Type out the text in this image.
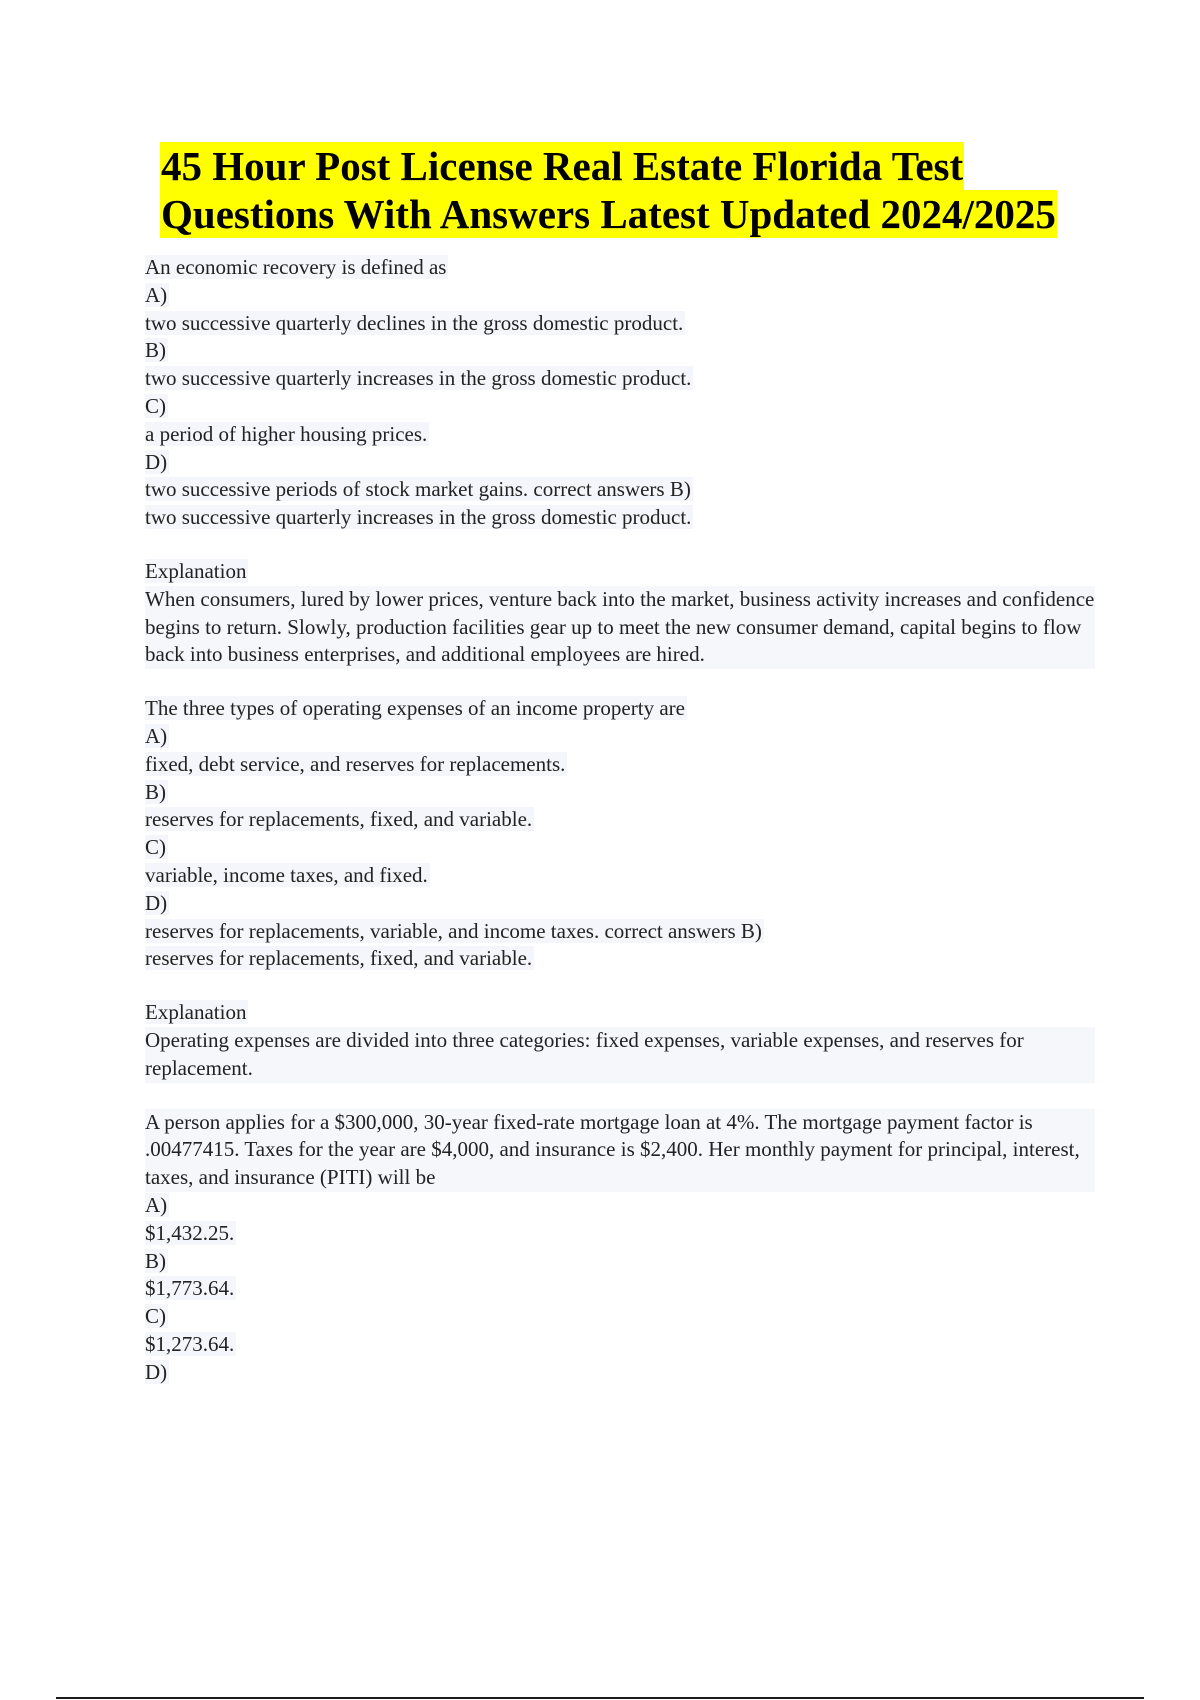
45 Hour Post License Real Estate Florida Test
Questions With Answers Latest Updated 2024/2025
An economic recovery is defined as
A)
two successive quarterly declines in the gross domestic product.
B)
two successive quarterly increases in the gross domestic product.
C)
a period of higher housing prices.
D)
two successive periods of stock market gains. correct answers B)
two successive quarterly increases in the gross domestic product.
Explanation
When consumers, lured by lower prices, venture back into the market, business activity increases and confidence begins to return. Slowly, production facilities gear up to meet the new consumer demand, capital begins to flow back into business enterprises, and additional employees are hired.
The three types of operating expenses of an income property are
A)
fixed, debt service, and reserves for replacements.
B)
reserves for replacements, fixed, and variable.
C)
variable, income taxes, and fixed.
D)
reserves for replacements, variable, and income taxes. correct answers B)
reserves for replacements, fixed, and variable.
Explanation
Operating expenses are divided into three categories: fixed expenses, variable expenses, and reserves for replacement.
A person applies for a $300,000, 30-year fixed-rate mortgage loan at 4%. The mortgage payment factor is .00477415. Taxes for the year are $4,000, and insurance is $2,400. Her monthly payment for principal, interest, taxes, and insurance (PITI) will be
A)
$1,432.25.
B)
$1,773.64.
C)
$1,273.64.
D)
